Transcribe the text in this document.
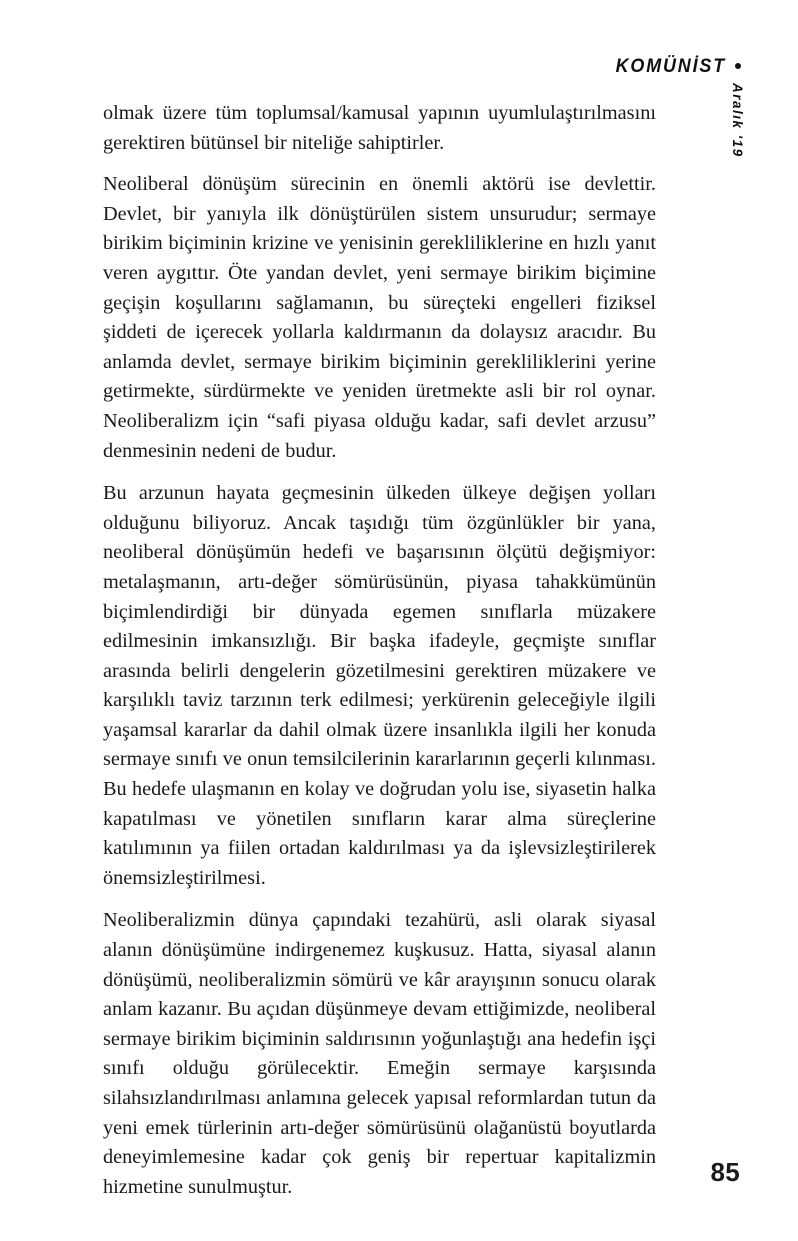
KOMÜNİST
Aralık '19

olmak üzere tüm toplumsal/kamusal yapının uyumlulaştırılmasını gerektiren bütünsel bir niteliğe sahiptirler.

Neoliberal dönüşüm sürecinin en önemli aktörü ise devlettir. Devlet, bir yanıyla ilk dönüştürülen sistem unsurudur; sermaye birikim biçiminin krizine ve yenisinin gerekliliklerine en hızlı yanıt veren aygıttır. Öte yandan devlet, yeni sermaye birikim biçimine geçişin koşullarını sağlamanın, bu süreçteki engelleri fiziksel şiddeti de içerecek yollarla kaldırmanın da dolaysız aracıdır. Bu anlamda devlet, sermaye birikim biçiminin gerekliliklerini yerine getirmekte, sürdürmekte ve yeniden üretmekte asli bir rol oynar. Neoliberalizm için “safi piyasa olduğu kadar, safi devlet arzusu” denmesinin nedeni de budur.

Bu arzunun hayata geçmesinin ülkeden ülkeye değişen yolları olduğunu biliyoruz. Ancak taşıdığı tüm özgünlükler bir yana, neoliberal dönüşümün hedefi ve başarısının ölçütü değişmiyor: metalaşmanın, artı-değer sömürüsünün, piyasa tahakkümünün biçimlendirdiği bir dünyada egemen sınıflarla müzakere edilmesinin imkansızlığı. Bir başka ifadeyle, geçmişte sınıflar arasında belirli dengelerin gözetilmesini gerektiren müzakere ve karşılıklı taviz tarzının terk edilmesi; yerkürenin geleceğiyle ilgili yaşamsal kararlar da dahil olmak üzere insanlıkla ilgili her konuda sermaye sınıfı ve onun temsilcilerinin kararlarının geçerli kılınması. Bu hedefe ulaşmanın en kolay ve doğrudan yolu ise, siyasetin halka kapatılması ve yönetilen sınıfların karar alma süreçlerine katılımının ya fiilen ortadan kaldırılması ya da işlevsizleştirilerek önemsizleştirilmesi.

Neoliberalizmin dünya çapındaki tezahürü, asli olarak siyasal alanın dönüşümüne indirgenemez kuşkusuz. Hatta, siyasal alanın dönüşümü, neoliberalizmin sömürü ve kâr arayışının sonucu olarak anlam kazanır. Bu açıdan düşünmeye devam ettiğimizde, neoliberal sermaye birikim biçiminin saldırısının yoğunlaştığı ana hedefin işçi sınıfı olduğu görülecektir. Emeğin sermaye karşısında silahsızlandırılması anlamına gelecek yapısal reformlardan tutun da yeni emek türlerinin artı-değer sömürüsünü olağanüstü boyutlarda deneyimlemesine kadar çok geniş bir repertuar kapitalizmin hizmetine sunulmuştur.	85
